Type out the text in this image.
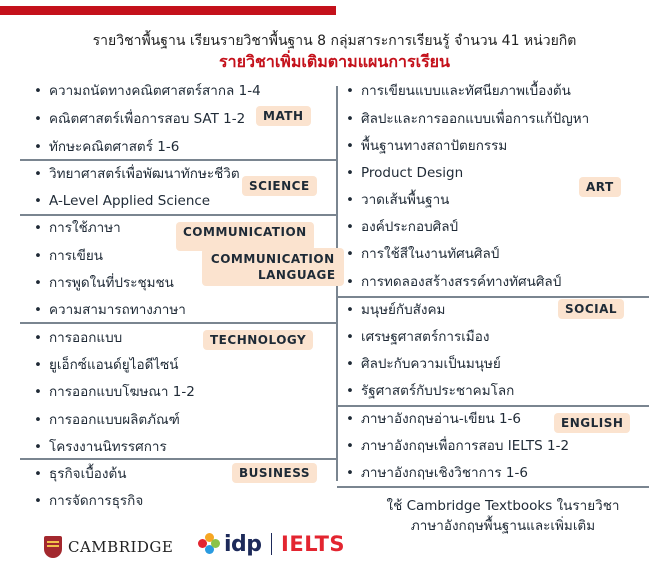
รายวิชาพื้นฐาน เรียนรายวิชาพื้นฐาน 8 กลุ่มสาระการเรียนรู้ จำนวน 41 หน่วยกิต
รายวิชาเพิ่มเติมตามแผนการเรียน
• ความถนัดทางคณิตศาสตร์สากล 1-4
• คณิตศาสตร์เพื่อการสอบ SAT 1-2
• ทักษะคณิตศาสตร์ 1-6
MATH
• วิทยาศาสตร์เพื่อพัฒนาทักษะชีวิต
• A-Level Applied Science
SCIENCE
• การใช้ภาษา
• การเขียน
• การพูดในที่ประชุมชน
• ความสามารถทางภาษา
COMMUNICATION
COMMUNICATION
LANGUAGE
• การออกแบบ
• ยูเอ็กซ์แอนด์ยูไอดีไซน์
• การออกแบบโฆษณา 1-2
• การออกแบบผลิตภัณฑ์
• โครงงานนิทรรศการ
TECHNOLOGY
• ธุรกิจเบื้องต้น
• การจัดการธุรกิจ
BUSINESS
• การเขียนแบบและทัศนียภาพเบื้องต้น
• ศิลปะและการออกแบบเพื่อการแก้ปัญหา
• พื้นฐานทางสถาปัตยกรรม
• Product Design
• วาดเส้นพื้นฐาน
• องค์ประกอบศิลป์
• การใช้สีในงานทัศนศิลป์
• การทดลองสร้างสรรค์ทางทัศนศิลป์
ART
• มนุษย์กับสังคม
• เศรษฐศาสตร์การเมือง
• ศิลปะกับความเป็นมนุษย์
• รัฐศาสตร์กับประชาคมโลก
SOCIAL
• ภาษาอังกฤษอ่าน-เขียน 1-6
• ภาษาอังกฤษเพื่อการสอบ IELTS 1-2
• ภาษาอังกฤษเชิงวิชาการ 1-6
ENGLISH
ใช้ Cambridge Textbooks ในรายวิชา
ภาษาอังกฤษพื้นฐานและเพิ่มเติม
CAMBRIDGE idp IELTS
